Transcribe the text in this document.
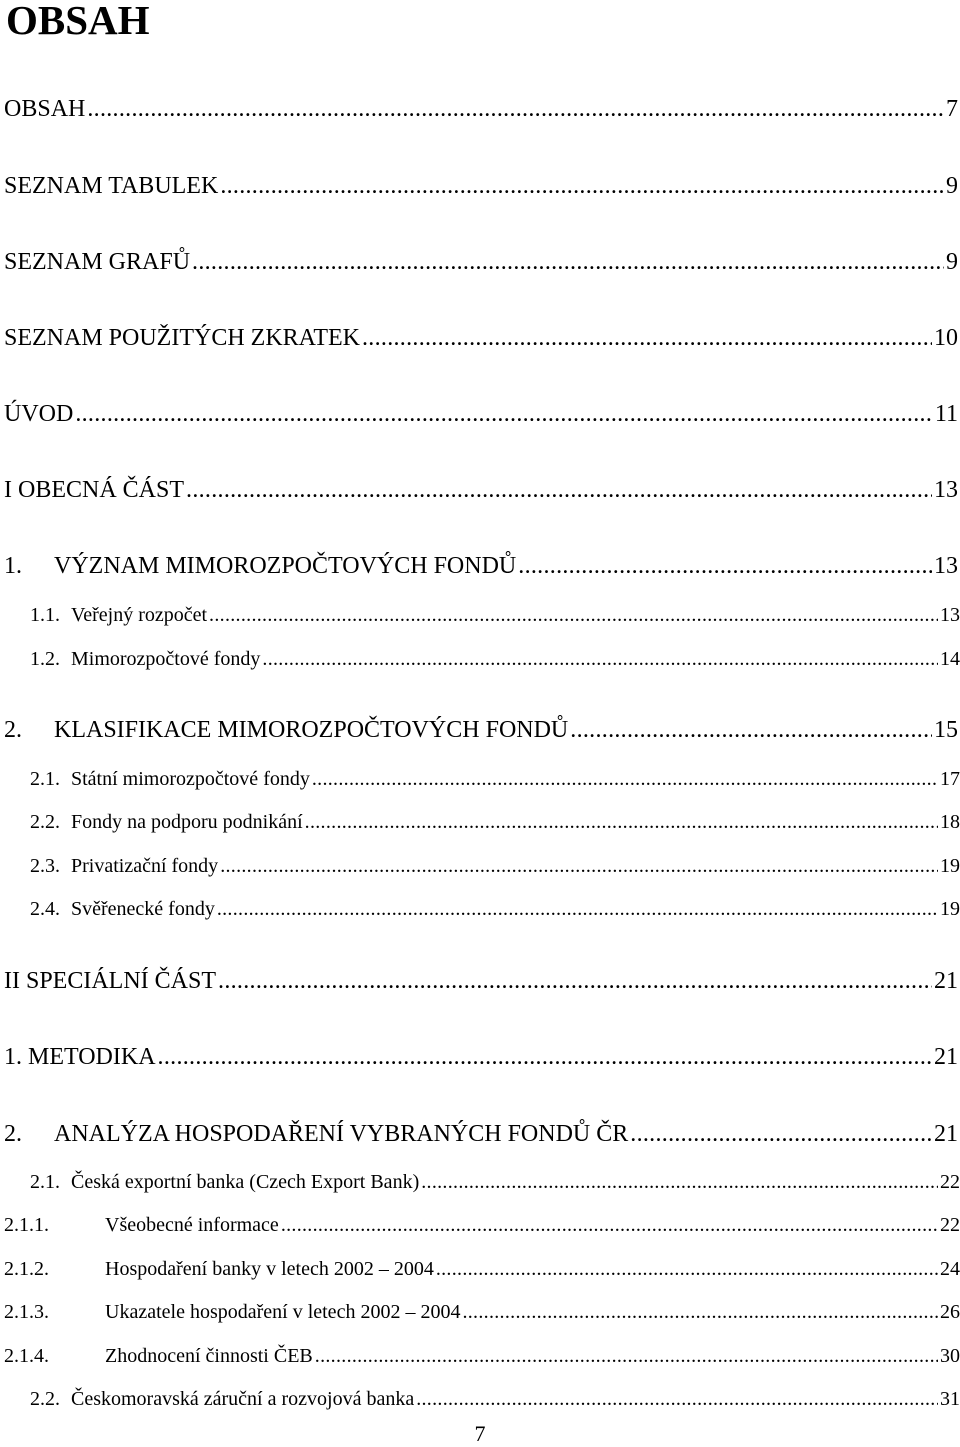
OBSAH
OBSAH .....	7
SEZNAM TABULEK .....	9
SEZNAM GRAFŮ .....	9
SEZNAM POUŽITÝCH ZKRATEK .....	10
ÚVOD .....	11
I OBECNÁ ČÁST .....	13
1.	VÝZNAM MIMOROZPOČTOVÝCH FONDŮ .....	13
1.1. Veřejný rozpočet .....	13
1.2. Mimorozpočtové fondy .....	14
2.	KLASIFIKACE MIMOROZPOČTOVÝCH FONDŮ .....	15
2.1. Státní mimorozpočtové fondy .....	17
2.2. Fondy na podporu podnikání .....	18
2.3. Privatizační fondy .....	19
2.4. Svěřenecké fondy .....	19
II SPECIÁLNÍ ČÁST .....	21
1. METODIKA .....	21
2.	ANALÝZA HOSPODAŘENÍ VYBRANÝCH FONDŮ ČR .....	21
2.1. Česká exportní banka (Czech Export Bank) .....	22
2.1.1.	Všeobecné informace .....	22
2.1.2.	Hospodaření banky v letech 2002 – 2004 .....	24
2.1.3.	Ukazatele hospodaření v letech 2002 – 2004 .....	26
2.1.4.	Zhodnocení činnosti ČEB .....	30
2.2. Českomoravská záruční a rozvojová banka .....	31
7
